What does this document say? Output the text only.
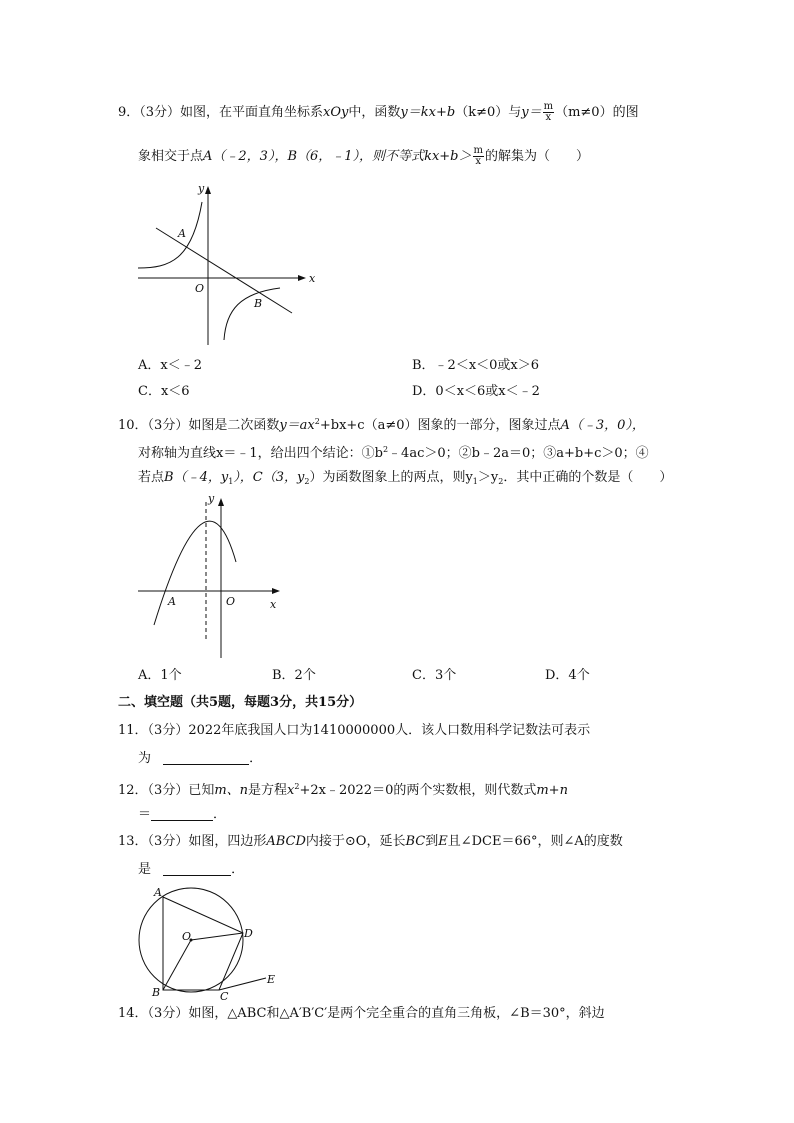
9．（3分）如图，在平面直角坐标系xOy中，函数y＝kx+b（k≠0）与$y= \frac{m}{x} (m\ne 0)$的图
象相交于点A（﹣2，3），B（6，﹣1），则不等式$kx+b> \frac{m}{x}$ 的解集为（　　）
y
x
O
A
B
A．x＜﹣2	B．﹣2＜x＜0或x＞6
C．x＜6	D．0＜x＜6或x＜﹣2
10．（3分）如图是二次函数$y=ax^2+bx+c(a\ne 0)$图象的一部分，图象过点A（﹣3，0），
对称轴为直线x＝﹣1，给出四个结论：$①b^2﹣4ac>0$；②b﹣2a＝0；③a+b+c＞0；④
若点B（﹣4，$y_1$），C（3，$y_2$）为函数图象上的两点，则$y_1>y_2$．其中正确的个数是（　　）
y
x
O
A
A．1个	B．2个	C．3个	D．4个
二、填空题（共5题，每题3分，共15分）
11．（3分）2022年底我国人口为1410000000人．该人口数用科学记数法可表示
为	．
12．（3分）已知m、n是方程$x^2+2x﹣2022=0$的两个实数根，则代数式m+n
＝	．
13．（3分）如图，四边形ABCD内接于⊙O，延长BC到E且∠DCE＝66°，则∠A的度数
是	．
A
B	C
D
E
O
14．（3分）如图，△ABC和△A′B′C′是两个完全重合的直角三角板，∠B＝30°，斜边
